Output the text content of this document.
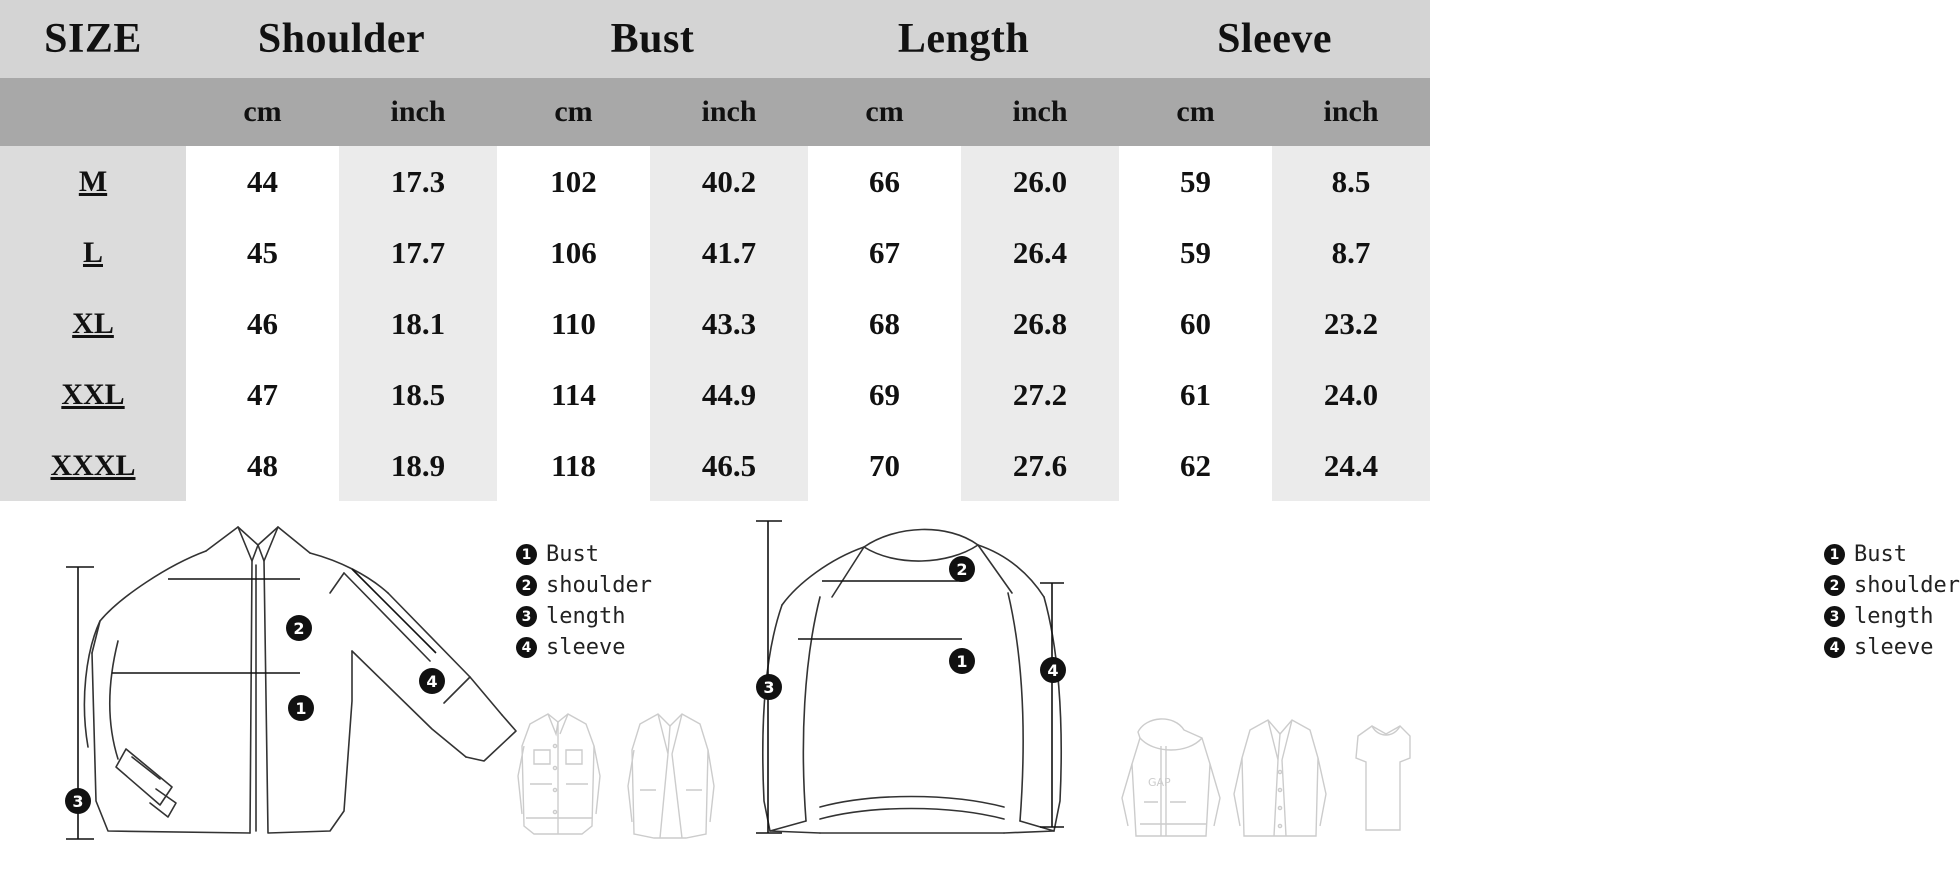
SIZE	Shoulder		Bust		Length		Sleeve	
	cm	inch	cm	inch	cm	inch	cm	inch
M	44	17.3	102	40.2	66	26.0	59	8.5
L	45	17.7	106	41.7	67	26.4	59	8.7
XL	46	18.1	110	43.3	68	26.8	60	23.2
XXL	47	18.5	114	44.9	69	27.2	61	24.0
XXXL	48	18.9	118	46.5	70	27.6	62	24.4
2
1
3
4
1 Bust
2 shoulder
3 length
4 sleeve
2
1
3
4
GAP
1 Bust
2 shoulder
3 length
4 sleeve
